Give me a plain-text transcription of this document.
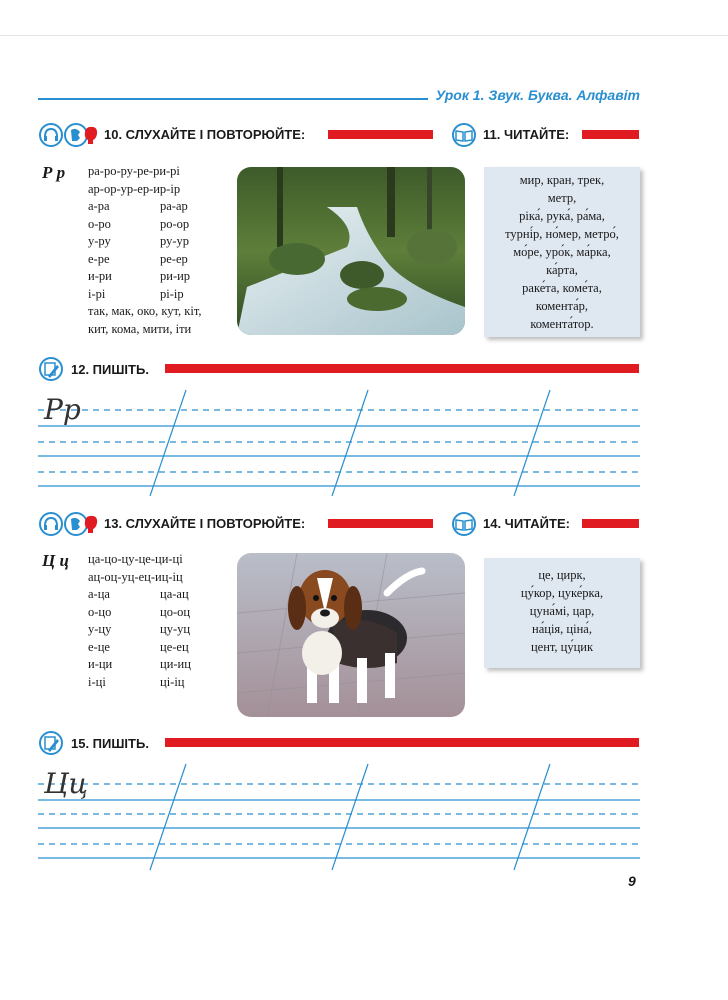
Урок 1. Звук. Буква. Алфавіт
10. СЛУХАЙТЕ І ПОВТОРЮЙТЕ:	11. ЧИТАЙТЕ:
Р р ра-ро-ру-ре-ри-рі
ар-ор-ур-ер-ир-ір
а-ра	ра-ар
о-ро	ро-ор
у-ру	ру-ур
е-ре	ре-ер
и-ри	ри-ир
і-рі	рі-ір
так, мак, око, кут, кіт,
кит, кома, мити, іти
мир, кран, трек,
метр,
ріка́, рука́, ра́ма,
турні́р, но́мер, метро́,
мо́ре, уро́к, ма́рка,
ка́рта,
раке́та, коме́та,
комента́р,
комента́тор.
12. ПИШІТЬ.
Рр
13. СЛУХАЙТЕ І ПОВТОРЮЙТЕ:	14. ЧИТАЙТЕ:
Ц ц ца-цо-цу-це-ци-ці
ац-оц-уц-ец-иц-іц
а-ца	ца-ац
о-цо	цо-оц
у-цу	цу-уц
е-це	це-ец
и-ци	ци-иц
і-ці	ці-іц
це, цирк,
цу́кор, цуке́рка,
цуна́мі, цар,
на́ція, ціна́,
цент, цу́цик
15. ПИШІТЬ.
Цц
9
